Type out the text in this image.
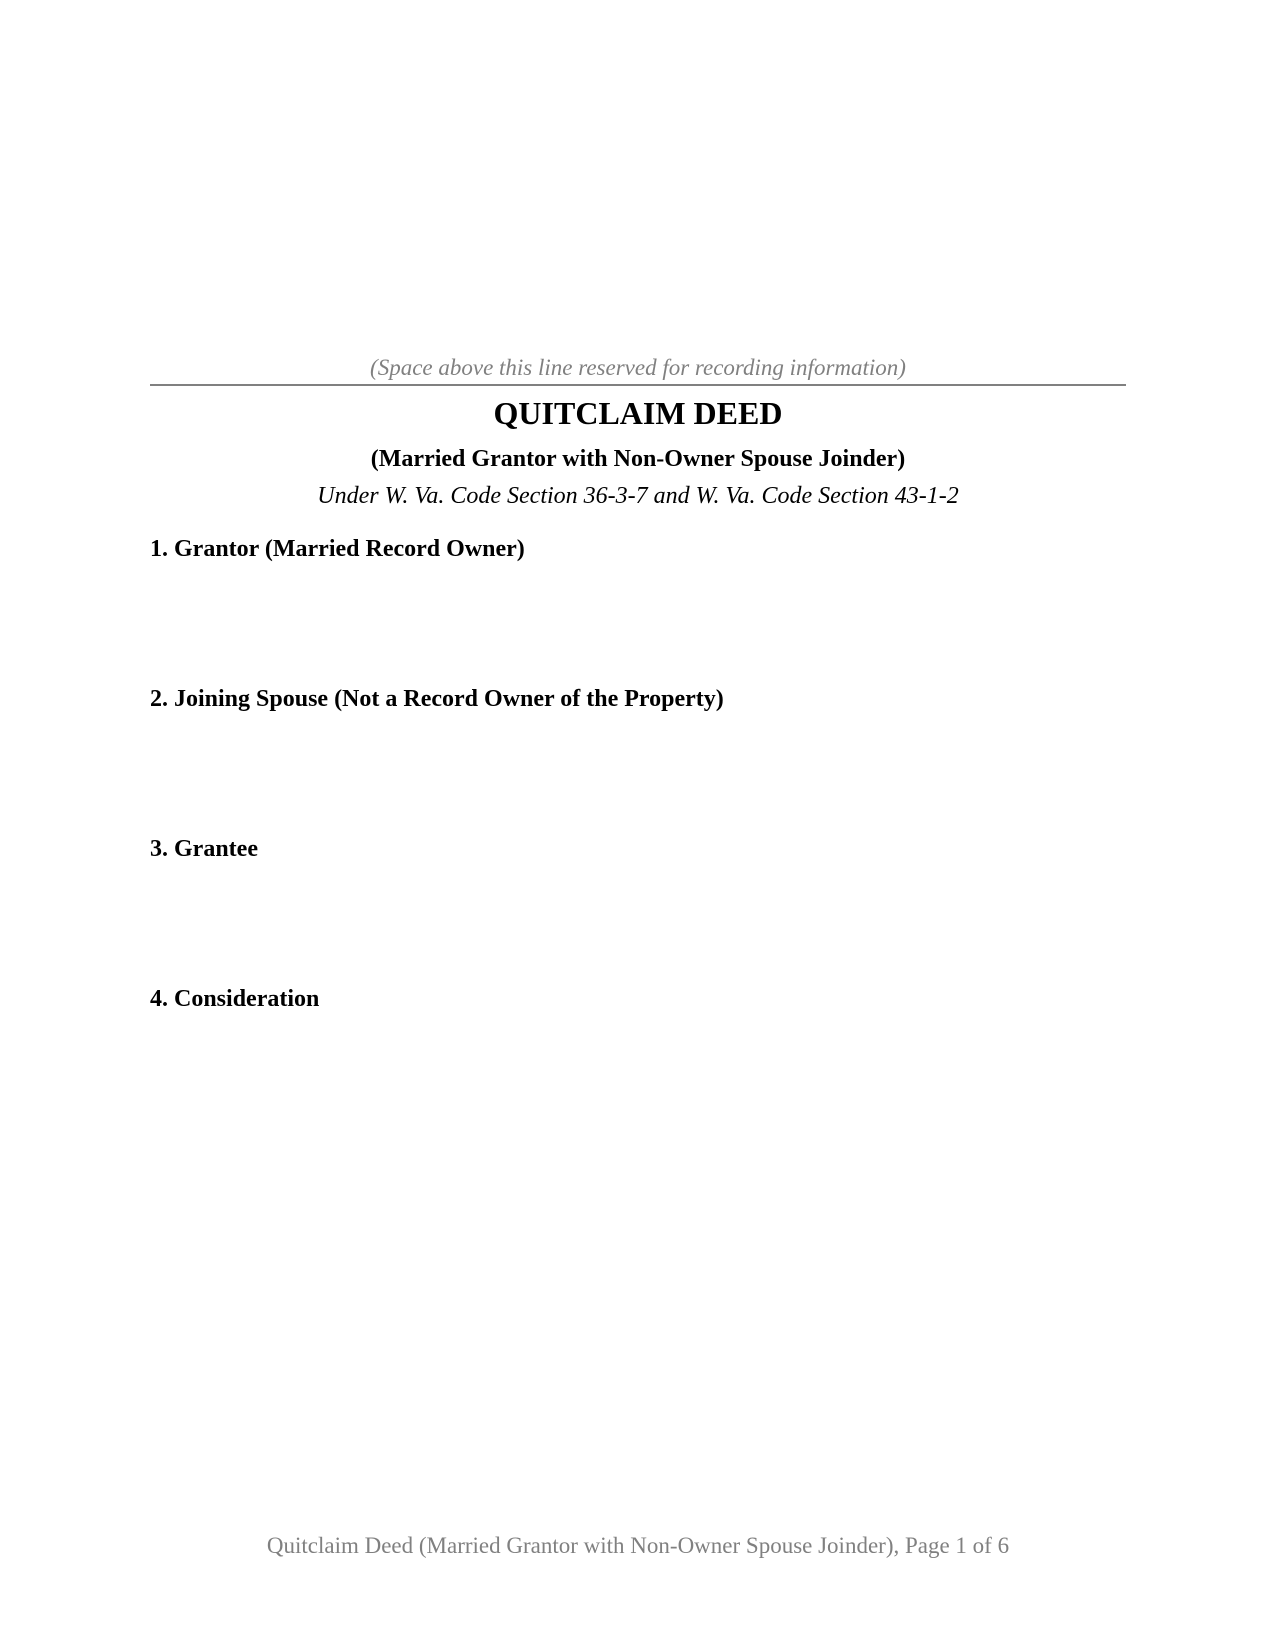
(Space above this line reserved for recording information)
QUITCLAIM DEED
(Married Grantor with Non-Owner Spouse Joinder)
Under W. Va. Code Section 36-3-7 and W. Va. Code Section 43-1-2
1. Grantor (Married Record Owner)
2. Joining Spouse (Not a Record Owner of the Property)
3. Grantee
4. Consideration
Quitclaim Deed (Married Grantor with Non-Owner Spouse Joinder), Page 1 of 6
